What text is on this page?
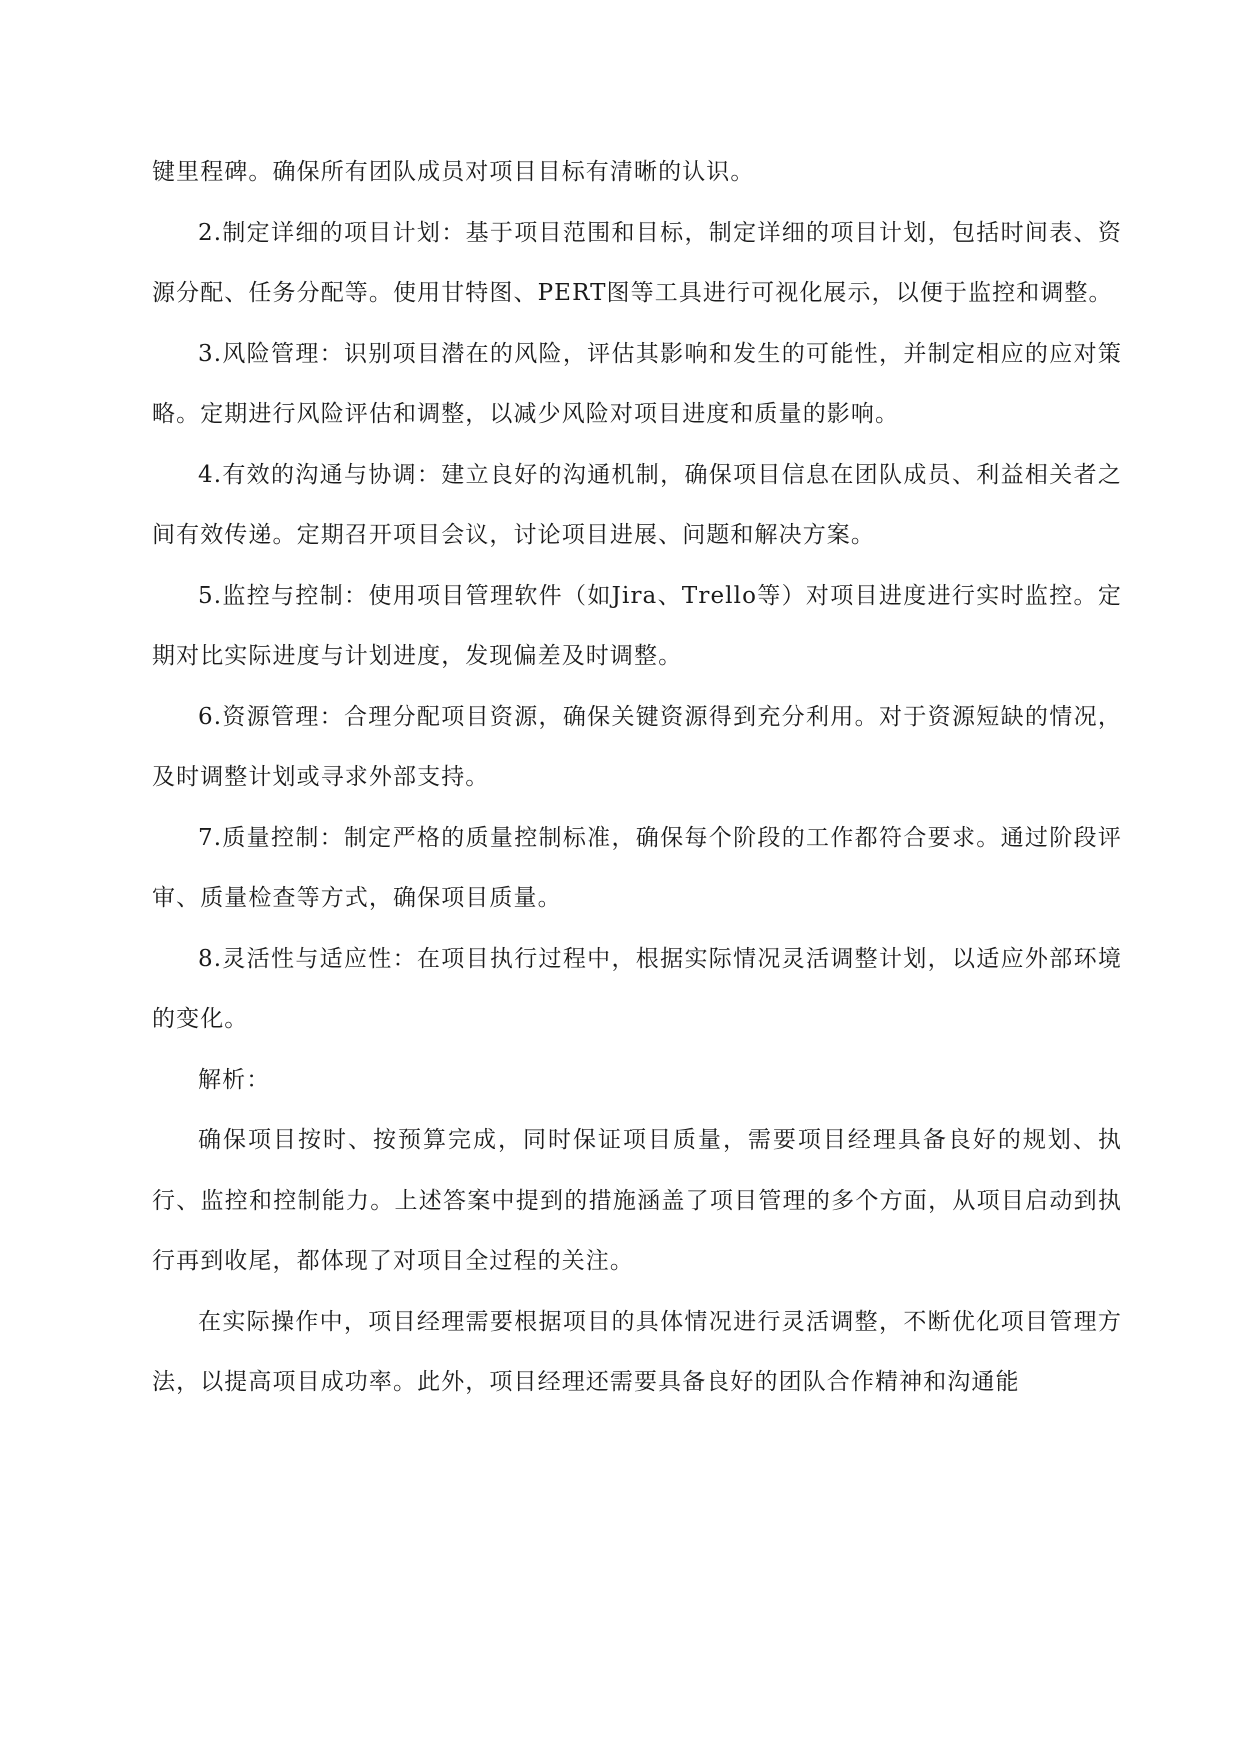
键里程碑。确保所有团队成员对项目目标有清晰的认识。

2.制定详细的项目计划：基于项目范围和目标，制定详细的项目计划，包括时间表、资源分配、任务分配等。使用甘特图、PERT图等工具进行可视化展示，以便于监控和调整。

3.风险管理：识别项目潜在的风险，评估其影响和发生的可能性，并制定相应的应对策略。定期进行风险评估和调整，以减少风险对项目进度和质量的影响。

4.有效的沟通与协调：建立良好的沟通机制，确保项目信息在团队成员、利益相关者之间有效传递。定期召开项目会议，讨论项目进展、问题和解决方案。

5.监控与控制：使用项目管理软件（如Jira、Trello等）对项目进度进行实时监控。定期对比实际进度与计划进度，发现偏差及时调整。

6.资源管理：合理分配项目资源，确保关键资源得到充分利用。对于资源短缺的情况，及时调整计划或寻求外部支持。

7.质量控制：制定严格的质量控制标准，确保每个阶段的工作都符合要求。通过阶段评审、质量检查等方式，确保项目质量。

8.灵活性与适应性：在项目执行过程中，根据实际情况灵活调整计划，以适应外部环境的变化。

解析：

确保项目按时、按预算完成，同时保证项目质量，需要项目经理具备良好的规划、执行、监控和控制能力。上述答案中提到的措施涵盖了项目管理的多个方面，从项目启动到执行再到收尾，都体现了对项目全过程的关注。

在实际操作中，项目经理需要根据项目的具体情况进行灵活调整，不断优化项目管理方法，以提高项目成功率。此外，项目经理还需要具备良好的团队合作精神和沟通能
